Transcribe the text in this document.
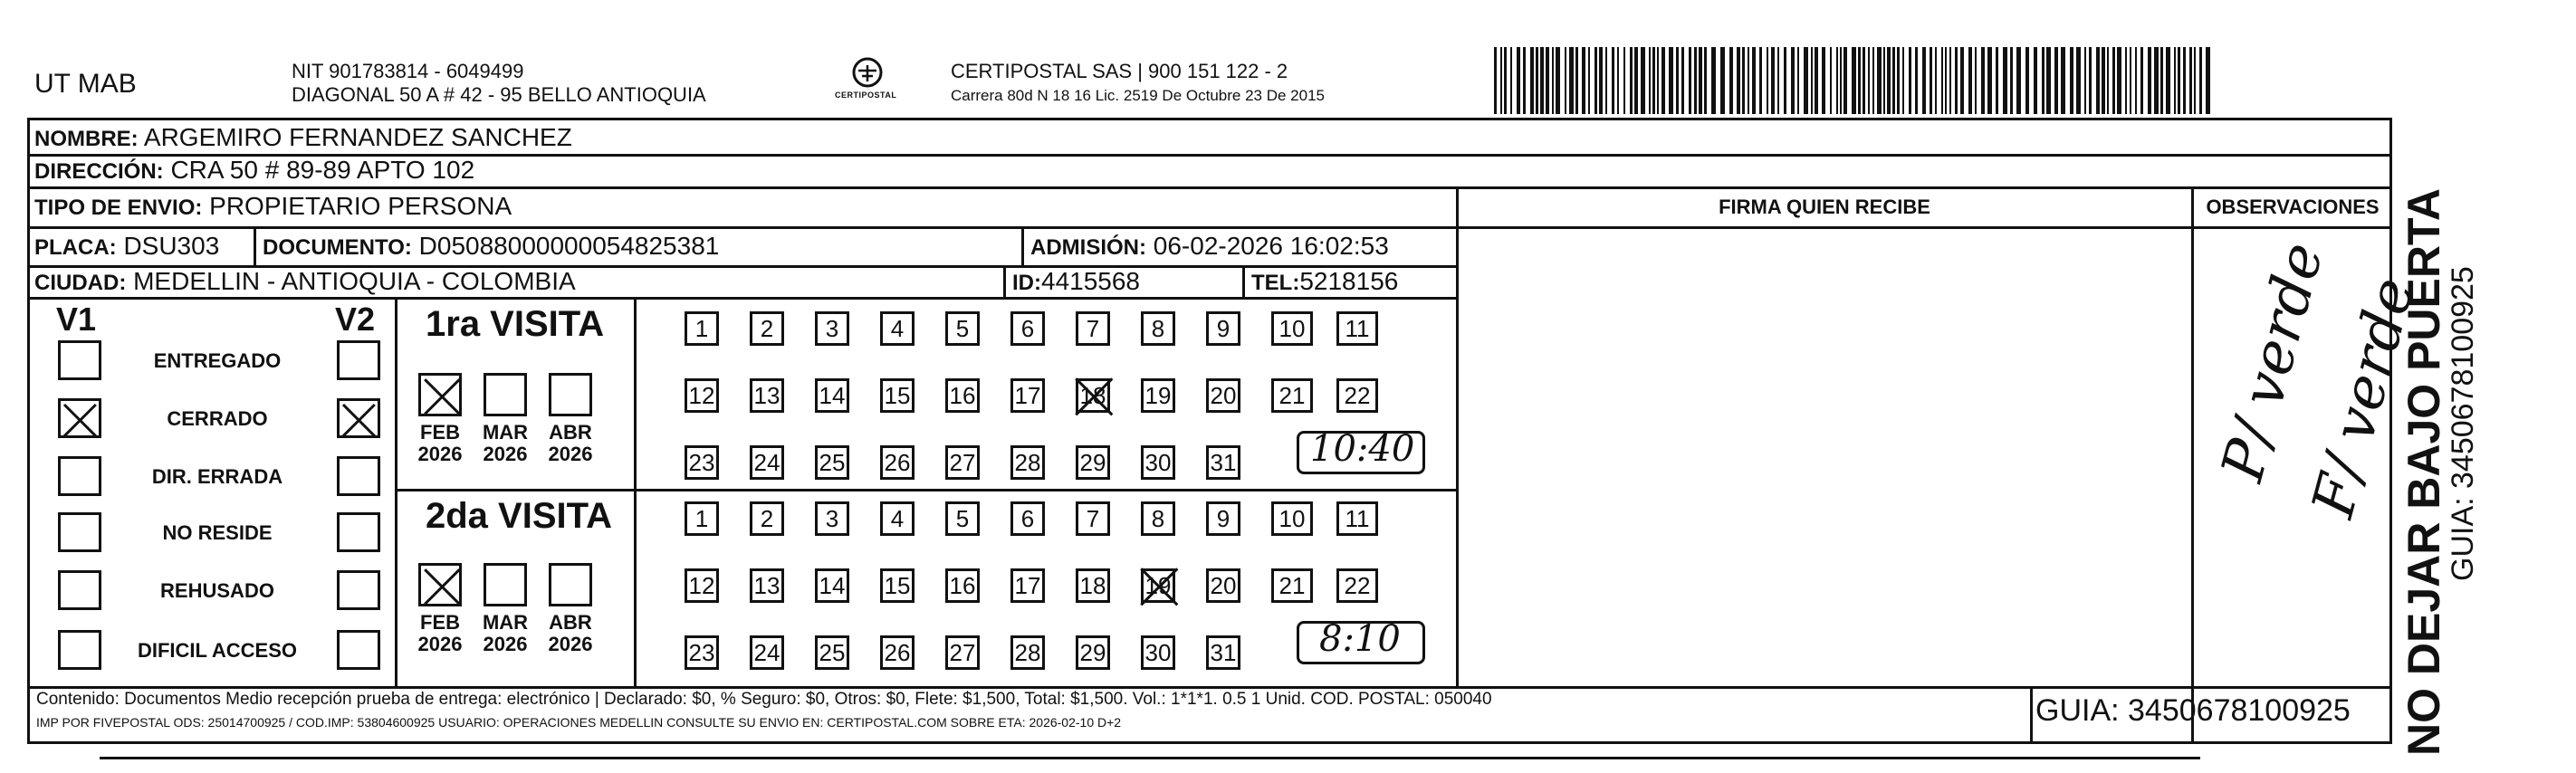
UT MAB	NIT 901783814 - 6049499
DIAGONAL 50 A # 42 - 95 BELLO ANTIOQUIA	CERTIPOSTAL
CERTIPOSTAL SAS | 900 151 122 - 2
Carrera 80d N 18 16 Lic. 2519 De Octubre 23 De 2015
NOMBRE: ARGEMIRO FERNANDEZ SANCHEZ
DIRECCIÓN: CRA 50 # 89-89 APTO 102
TIPO DE ENVIO: PROPIETARIO PERSONA	FIRMA QUIEN RECIBE	OBSERVACIONES
PLACA: DSU303 DOCUMENTO: D05088000000054825381	ADMISIÓN: 06-02-2026 16:02:53
CIUDAD: MEDELLIN - ANTIOQUIA - COLOMBIA	ID:4415568	TEL:5218156
V1	V2
ENTREGADO
CERRADO
DIR. ERRADA
NO RESIDE
REHUSADO
DIFICIL ACCESO
1ra VISITA
2da VISITA
FEB
2026
MAR
2026
ABR
2026
1	2	3	4	5	6	7	8	9	10	11
12 13 14 15 16 17 18 19 20	21	22
23 24 25 26 27 28 29 30 31
FEB
2026
MAR
2026
ABR
2026
1	2	3	4	5	6	7	8	9	10	11
12 13 14 15 16 17 18 19 20	21	22
23 24 25 26 27 28 29 30 31
10:40
8:10
P/ verde
F/ verde
Contenido: Documentos Medio recepción prueba de entrega: electrónico | Declarado: $0, % Seguro: $0, Otros: $0, Flete: $1,500, Total: $1,500. Vol.: 1*1*1. 0.5 1 Unid. COD. POSTAL: 050040
IMP POR FIVEPOSTAL ODS: 25014700925 / COD.IMP: 53804600925 USUARIO: OPERACIONES MEDELLIN CONSULTE SU ENVIO EN: CERTIPOSTAL.COM SOBRE ETA: 2026-02-10 D+2	GUIA: 3450678100925 NO DEJAR BAJO PUERTA
GUIA: 3450678100925
